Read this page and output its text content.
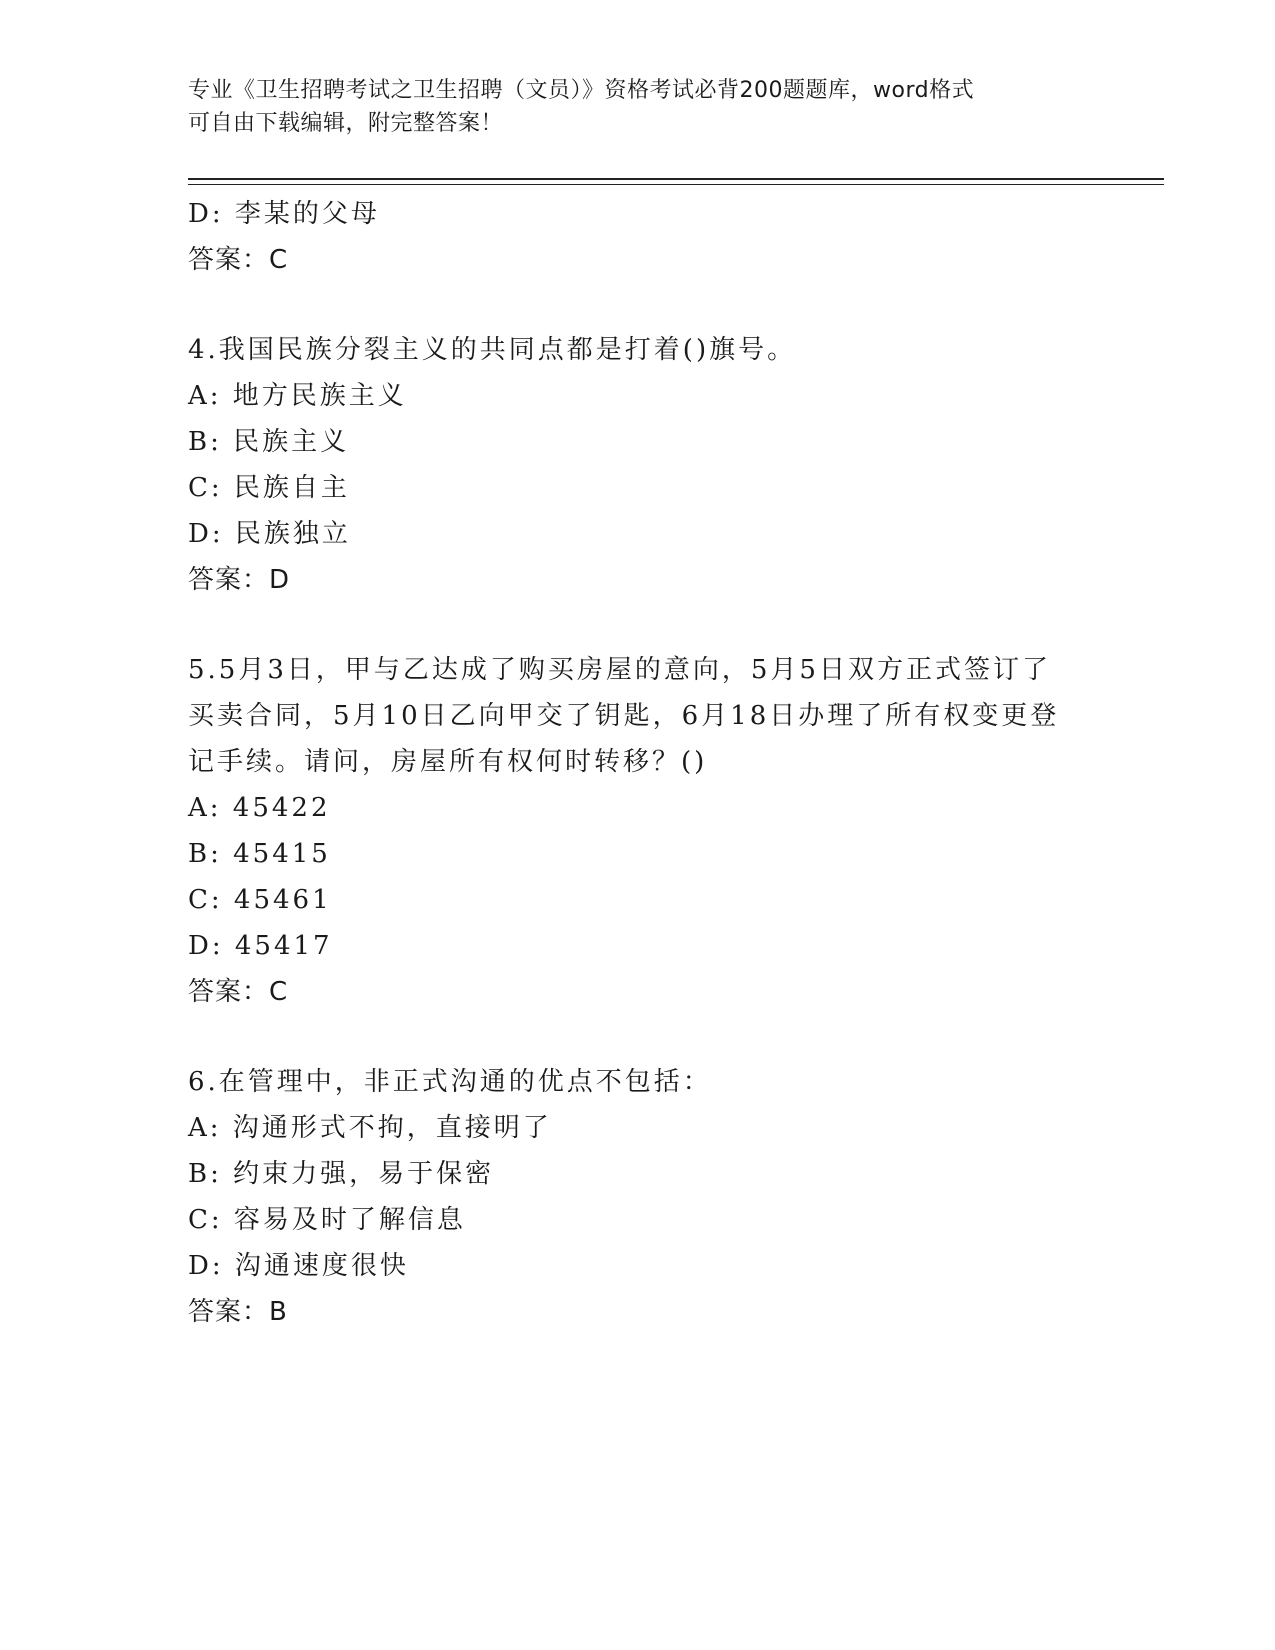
专业《卫生招聘考试之卫生招聘（文员）》资格考试必背200题题库，word格式
可自由下载编辑，附完整答案！
D: 李某的父母
答案：C
4.我国民族分裂主义的共同点都是打着()旗号。
A: 地方民族主义
B: 民族主义
C: 民族自主
D: 民族独立
答案：D
5.5月3日，甲与乙达成了购买房屋的意向，5月5日双方正式签订了
买卖合同，5月10日乙向甲交了钥匙，6月18日办理了所有权变更登
记手续。请问，房屋所有权何时转移？()
A: 45422
B: 45415
C: 45461
D: 45417
答案：C
6.在管理中，非正式沟通的优点不包括：
A: 沟通形式不拘，直接明了
B: 约束力强，易于保密
C: 容易及时了解信息
D: 沟通速度很快
答案：B
